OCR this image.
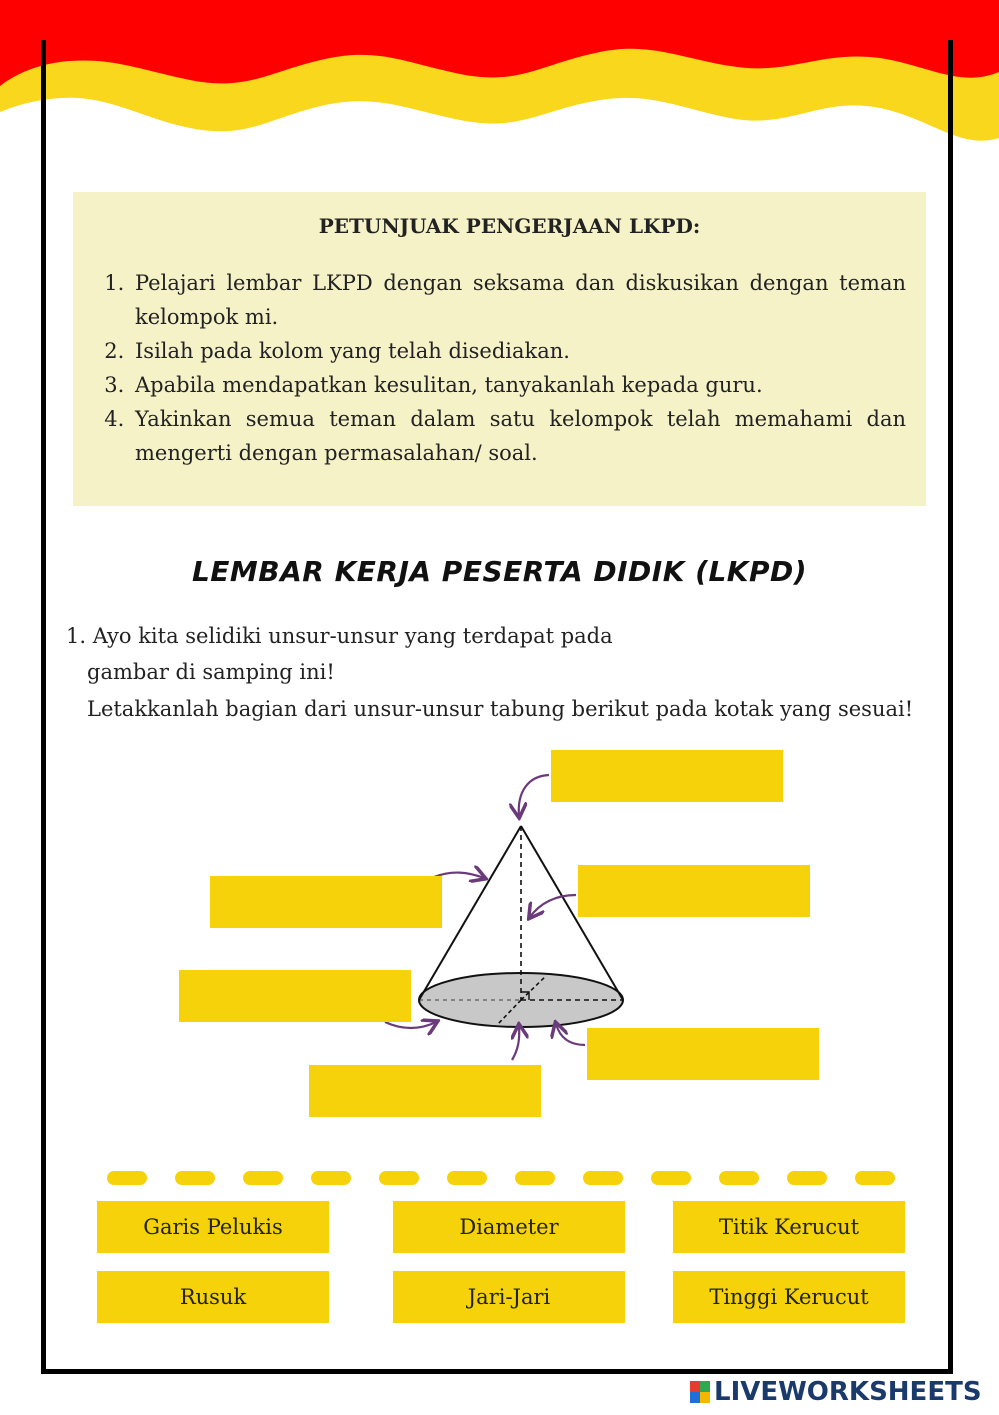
PETUNJUAK PENGERJAAN LKPD:
1. Pelajari lembar LKPD dengan seksama dan diskusikan dengan teman kelompok mi.
2. Isilah pada kolom yang telah disediakan.
3. Apabila mendapatkan kesulitan, tanyakanlah kepada guru.
4. Yakinkan semua teman dalam satu kelompok telah memahami dan mengerti dengan permasalahan/ soal.
LEMBAR KERJA PESERTA DIDIK (LKPD)
1. Ayo kita selidiki unsur-unsur yang terdapat pada
gambar di samping ini!
Letakkanlah bagian dari unsur-unsur tabung berikut pada kotak yang sesuai!
Garis Pelukis	Diameter	Titik Kerucut
Rusuk	Jari-Jari	Tinggi Kerucut
LIVEWORKSHEETS
